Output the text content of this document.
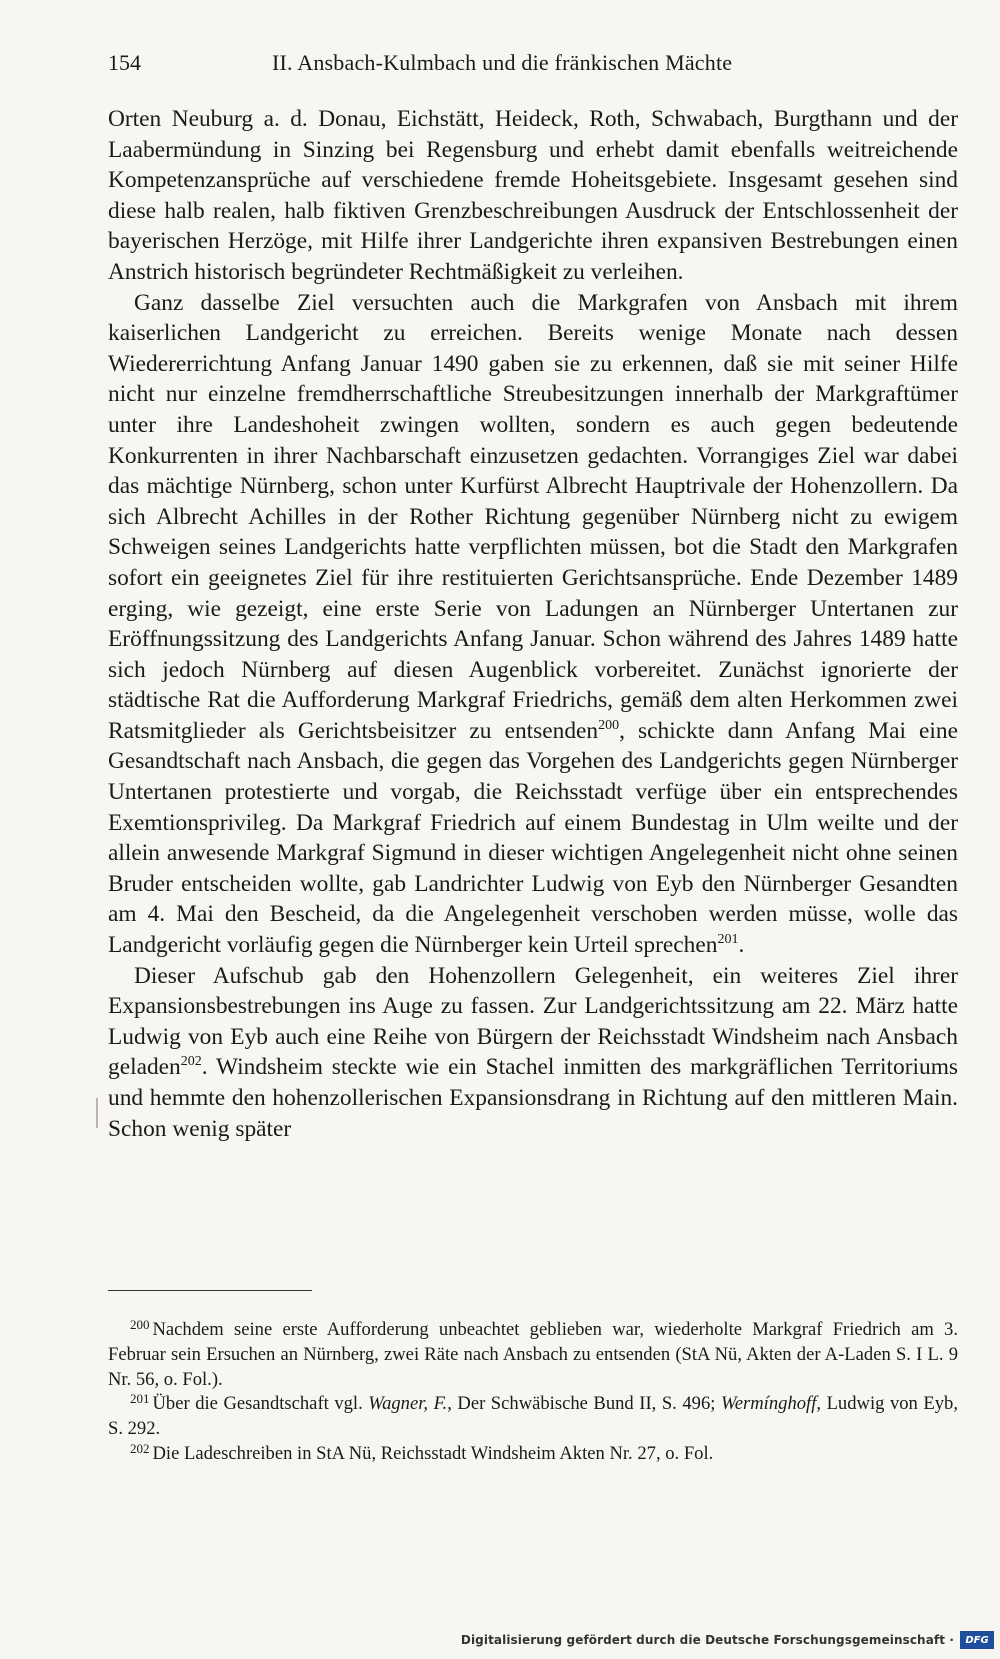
154	II. Ansbach-Kulmbach und die fränkischen Mächte

Orten Neuburg a. d. Donau, Eichstätt, Heideck, Roth, Schwabach, Burgthann und der Laabermündung in Sinzing bei Regensburg und erhebt damit ebenfalls weitreichende Kompetenzansprüche auf verschiedene fremde Hoheitsgebiete. Insgesamt gesehen sind diese halb realen, halb fiktiven Grenzbeschreibungen Ausdruck der Entschlossenheit der bayerischen Herzöge, mit Hilfe ihrer Landgerichte ihren expansiven Bestrebungen einen Anstrich historisch begründeter Rechtmäßigkeit zu verleihen.

Ganz dasselbe Ziel versuchten auch die Markgrafen von Ansbach mit ihrem kaiserlichen Landgericht zu erreichen. Bereits wenige Monate nach dessen Wiedererrichtung Anfang Januar 1490 gaben sie zu erkennen, daß sie mit seiner Hilfe nicht nur einzelne fremdherrschaftliche Streubesitzungen innerhalb der Markgraftümer unter ihre Landeshoheit zwingen wollten, sondern es auch gegen bedeutende Konkurrenten in ihrer Nachbarschaft einzusetzen gedachten. Vorrangiges Ziel war dabei das mächtige Nürnberg, schon unter Kurfürst Albrecht Hauptrivale der Hohenzollern. Da sich Albrecht Achilles in der Rother Richtung gegenüber Nürnberg nicht zu ewigem Schweigen seines Landgerichts hatte verpflichten müssen, bot die Stadt den Markgrafen sofort ein geeignetes Ziel für ihre restituierten Gerichtsansprüche. Ende Dezember 1489 erging, wie gezeigt, eine erste Serie von Ladungen an Nürnberger Untertanen zur Eröffnungssitzung des Landgerichts Anfang Januar. Schon während des Jahres 1489 hatte sich jedoch Nürnberg auf diesen Augenblick vorbereitet. Zunächst ignorierte der städtische Rat die Aufforderung Markgraf Friedrichs, gemäß dem alten Herkommen zwei Ratsmitglieder als Gerichtsbeisitzer zu entsenden$^{200}$, schickte dann Anfang Mai eine Gesandtschaft nach Ansbach, die gegen das Vorgehen des Landgerichts gegen Nürnberger Untertanen protestierte und vorgab, die Reichsstadt verfüge über ein entsprechendes Exemtionsprivileg. Da Markgraf Friedrich auf einem Bundestag in Ulm weilte und der allein anwesende Markgraf Sigmund in dieser wichtigen Angelegenheit nicht ohne seinen Bruder entscheiden wollte, gab Landrichter Ludwig von Eyb den Nürnberger Gesandten am 4. Mai den Bescheid, da die Angelegenheit verschoben werden müsse, wolle das Landgericht vorläufig gegen die Nürnberger kein Urteil sprechen$^{201}$.

Dieser Aufschub gab den Hohenzollern Gelegenheit, ein weiteres Ziel ihrer Expansionsbestrebungen ins Auge zu fassen. Zur Landgerichtssitzung am 22. März hatte Ludwig von Eyb auch eine Reihe von Bürgern der Reichsstadt Windsheim nach Ansbach geladen$^{202}$. Windsheim steckte wie ein Stachel inmitten des markgräflichen Territoriums und hemmte den hohenzollerischen Expansionsdrang in Richtung auf den mittleren Main. Schon wenig später

$^{200}$ Nachdem seine erste Aufforderung unbeachtet geblieben war, wiederholte Markgraf Friedrich am 3. Februar sein Ersuchen an Nürnberg, zwei Räte nach Ansbach zu entsenden (StA Nü, Akten der A-Laden S. I L. 9 Nr. 56, o. Fol.).

$^{201}$ Über die Gesandtschaft vgl. Wagner, F., Der Schwäbische Bund II, S. 496; Wermínghoff, Ludwig von Eyb, S. 292.

$^{202}$ Die Ladeschreiben in StA Nü, Reichsstadt Windsheim Akten Nr. 27, o. Fol.

Digitalisierung gefördert durch die Deutsche Forschungsgemeinschaft ·	DFG
